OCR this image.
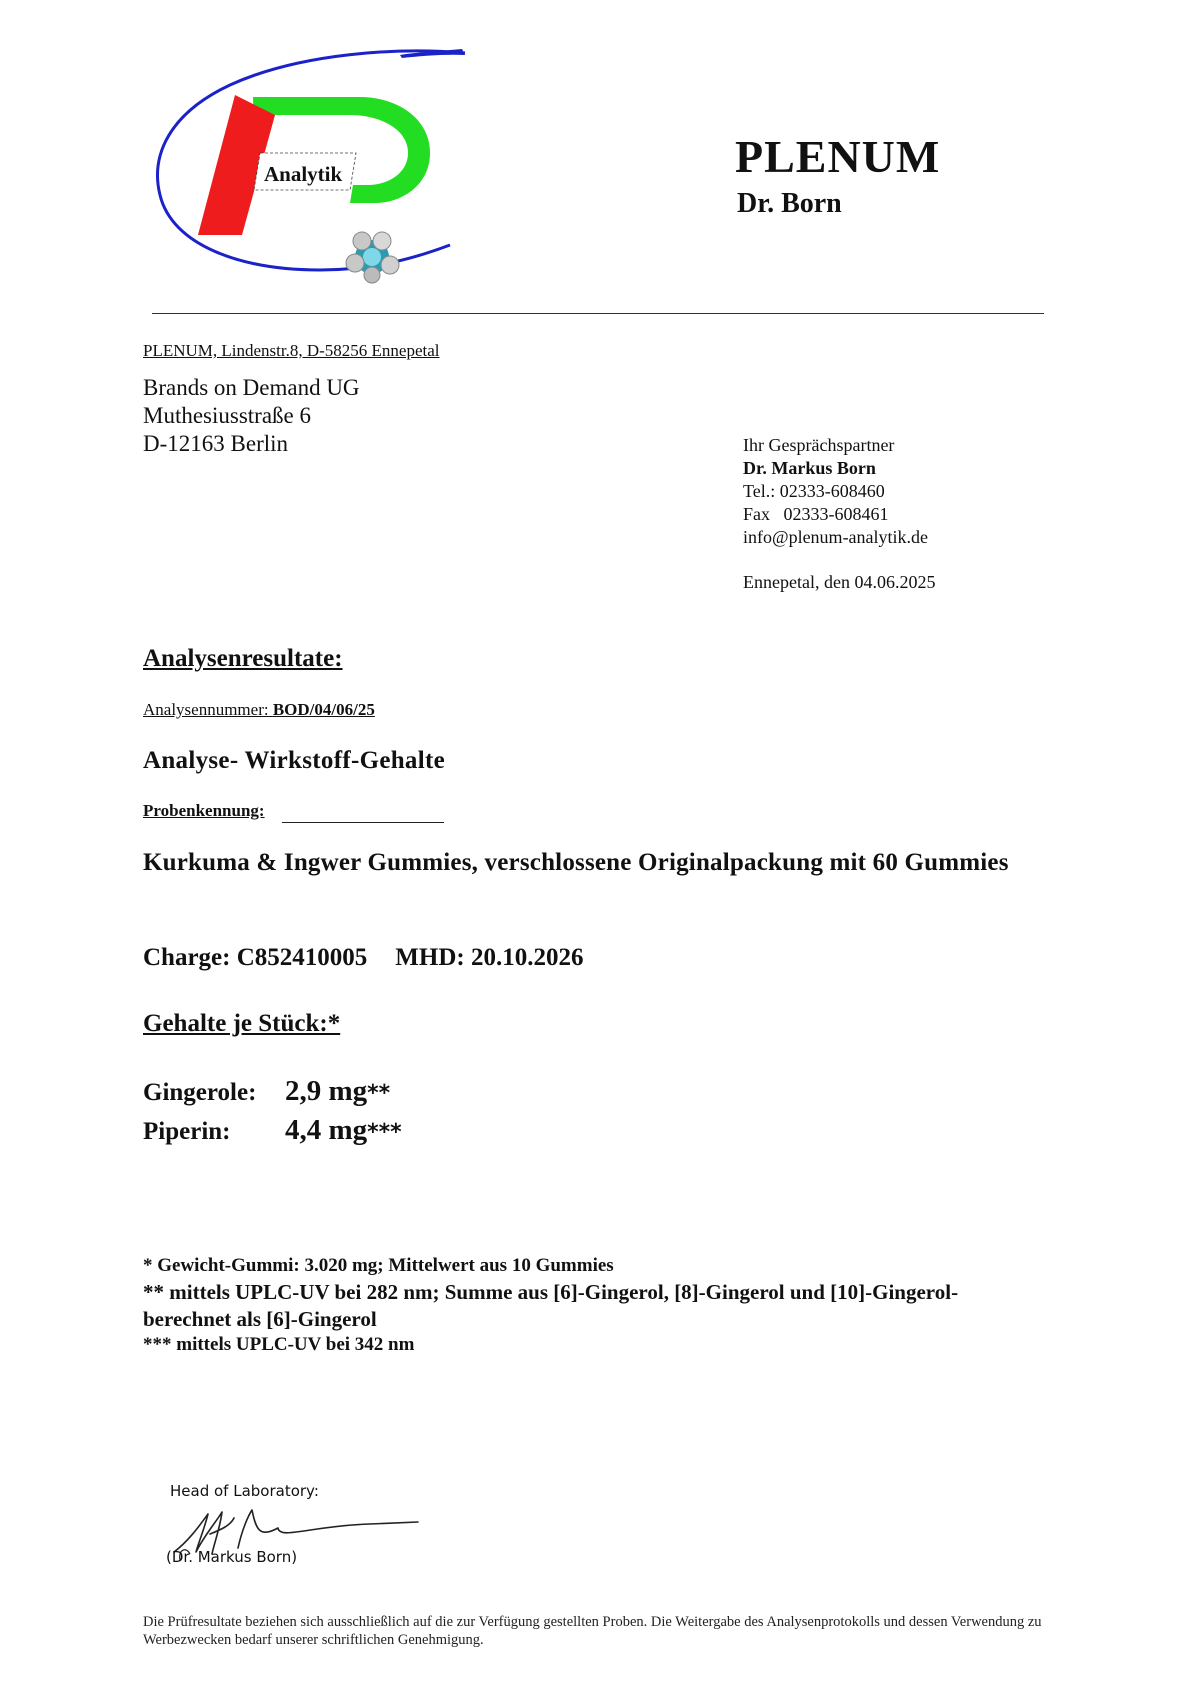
Analytik	PLENUM
Dr. Born
PLENUM, Lindenstr.8, D-58256 Ennepetal
Brands on Demand UG
Muthesiusstraße 6
D-12163 Berlin	Ihr Gesprächspartner
Dr. Markus Born
Tel.: 02333-608460
Fax   02333-608461
info@plenum-analytik.de
Ennepetal, den 04.06.2025
Analysenresultate:
Analysennummer: BOD/04/06/25
Analyse- Wirkstoff-Gehalte
Probenkennung:
Kurkuma & Ingwer Gummies, verschlossene Originalpackung mit 60 Gummies
Charge: C852410005 MHD: 20.10.2026
Gehalte je Stück:*
Gingerole: 2,9 mg**
Piperin: 4,4 mg***
* Gewicht-Gummi: 3.020 mg; Mittelwert aus 10 Gummies
** mittels UPLC-UV bei 282 nm; Summe aus [6]-Gingerol, [8]-Gingerol und [10]-Gingerol- berechnet als [6]-Gingerol
*** mittels UPLC-UV bei 342 nm
Head of Laboratory:
(Dr. Markus Born)
Die Prüfresultate beziehen sich ausschließlich auf die zur Verfügung gestellten Proben. Die Weitergabe des Analysenprotokolls und dessen Verwendung zu Werbezwecken bedarf unserer schriftlichen Genehmigung.
